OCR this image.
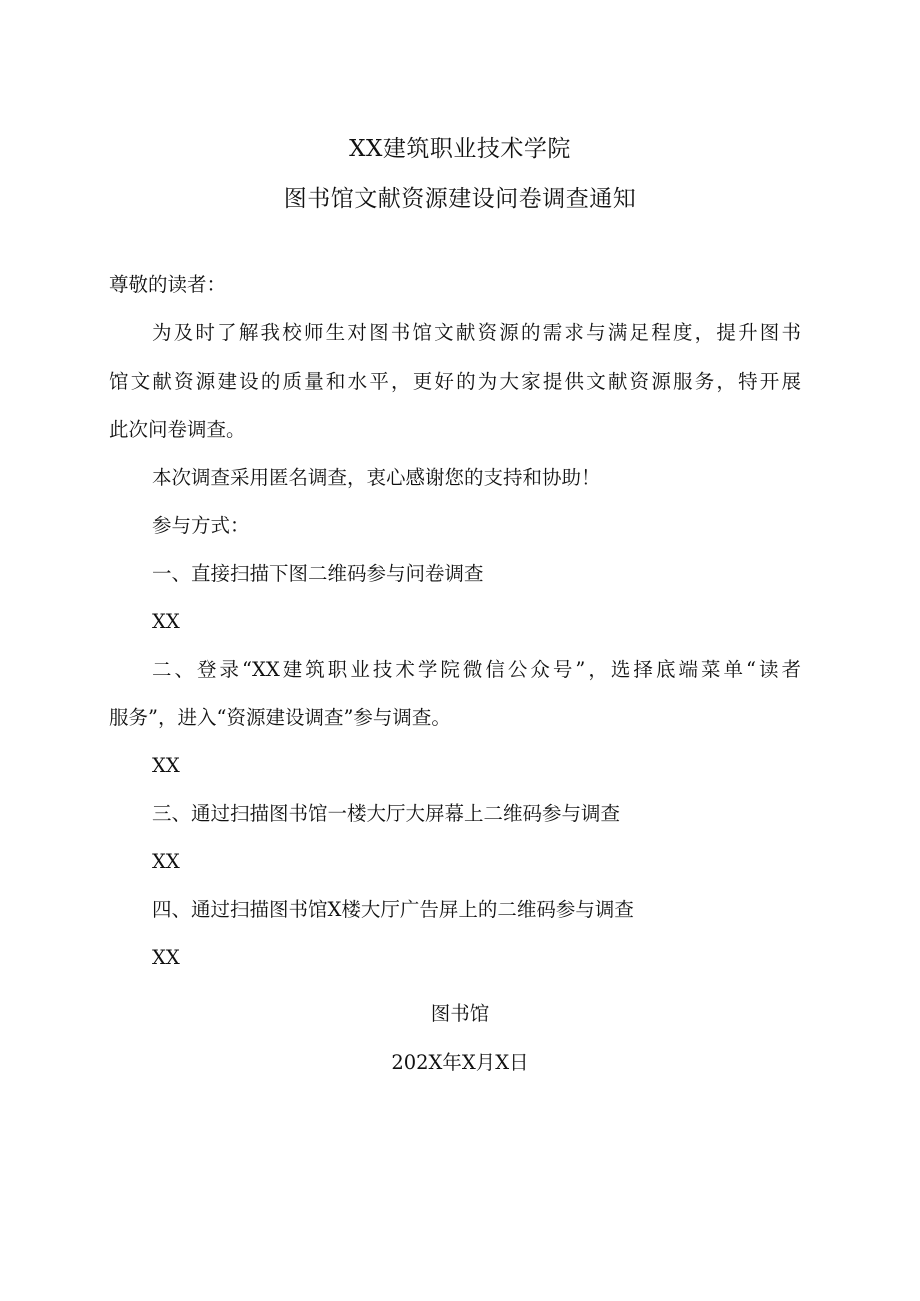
XX建筑职业技术学院
图书馆文献资源建设问卷调查通知
尊敬的读者：
为及时了解我校师生对图书馆文献资源的需求与满足程度，提升图书
馆文献资源建设的质量和水平，更好的为大家提供文献资源服务，特开展
此次问卷调查。
本次调查采用匿名调查，衷心感谢您的支持和协助！
参与方式：
一、直接扫描下图二维码参与问卷调查
XX
二、登录“XX建筑职业技术学院微信公众号”，选择底端菜单“读者
服务”，进入“资源建设调查”参与调查。
XX
三、通过扫描图书馆一楼大厅大屏幕上二维码参与调查
XX
四、通过扫描图书馆X楼大厅广告屏上的二维码参与调查
XX
图书馆
202X年X月X日
